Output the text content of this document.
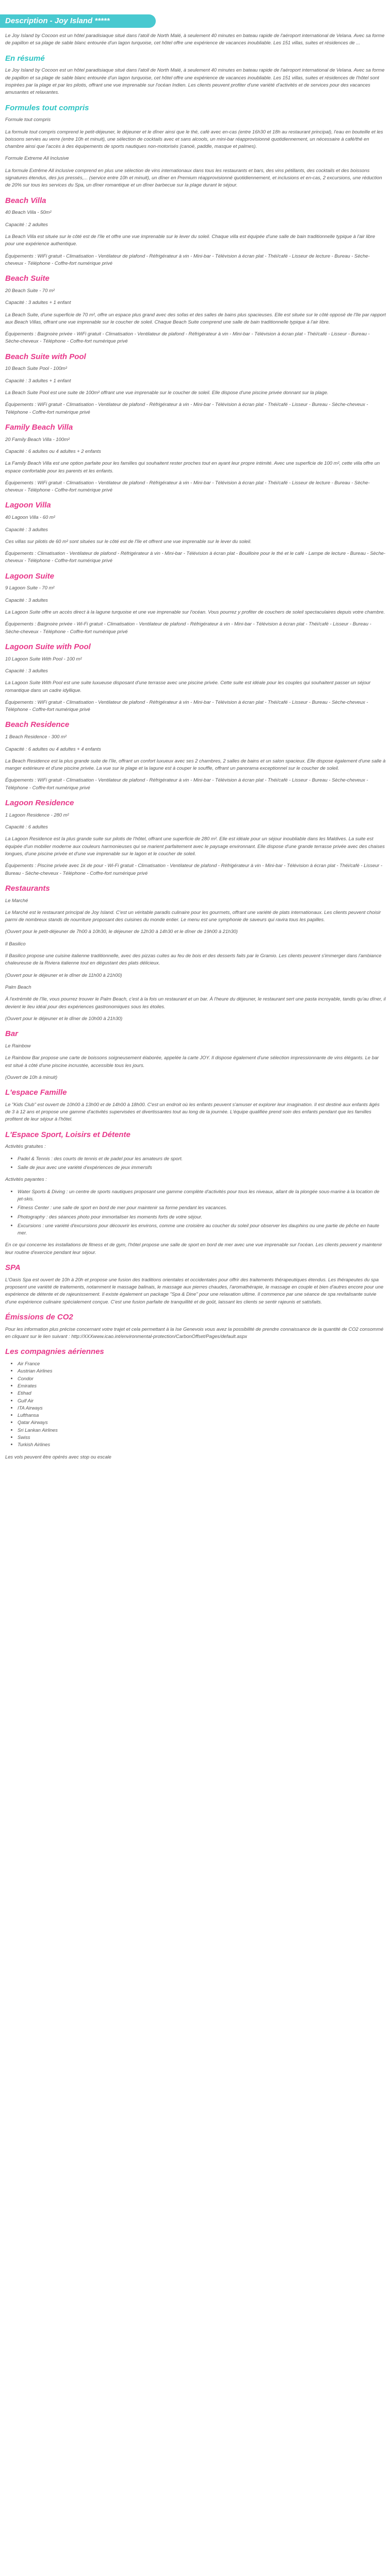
Description - Joy Island *****

Le Joy Island by Cocoon est un hôtel paradisiaque situé dans l'atoll de North Malé, à seulement 40 minutes en bateau rapide de l'aéroport international de Velana. Avec sa forme de papillon et sa plage de sable blanc entourée d'un lagon turquoise, cet hôtel offre une expérience de vacances inoubliable. Les 151 villas, suites et résidences de ...

En résumé

Le Joy Island by Cocoon est un hôtel paradisiaque situé dans l'atoll de North Malé, à seulement 40 minutes en bateau rapide de l'aéroport international de Velana. Avec sa forme de papillon et sa plage de sable blanc entourée d'un lagon turquoise, cet hôtel offre une expérience de vacances inoubliable. Les 151 villas, suites et résidences de l'hôtel sont inspirées par la plage et par les pilotis, offrant une vue imprenable sur l'océan Indien. Les clients peuvent profiter d'une variété d'activités et de services pour des vacances amusantes et relaxantes.

Formules tout compris

Formule tout compris

La formule tout compris comprend le petit-déjeuner, le déjeuner et le dîner ainsi que le thé, café avec en-cas (entre 16h30 et 18h au restaurant principal), l'eau en bouteille et les boissons servies au verre (entre 10h et minuit), une sélection de cocktails avec et sans alcools, un mini-bar réapprovisionné quotidiennement, un nécessaire à café/thé en chambre ainsi que l'accès à des équipements de sports nautiques non-motorisés (canoë, paddle, masque et palmes).

Formule Extreme All Inclusive

La formule Extrême All inclusive comprend en plus une sélection de vins internationaux dans tous les restaurants et bars, des vins pétillants, des cocktails et des boissons signatures étendus, des jus pressés,... (service entre 10h et minuit), un dîner en Premium réapprovisionné quotidiennement, et inclusions et en-cas, 2 excursions, une réduction de 20% sur tous les services du Spa, un dîner romantique et un dîner barbecue sur la plage durant le séjour.

Beach Villa

40 Beach Villa - 50m²

Capacité : 2 adultes

La Beach Villa est située sur le côté est de l'île et offre une vue imprenable sur le lever du soleil. Chaque villa est équipée d'une salle de bain traditionnelle typique à l'air libre pour une expérience authentique.

Équipements : WiFi gratuit - Climatisation - Ventilateur de plafond - Réfrigérateur à vin - Mini-bar - Télévision à écran plat - Théi/café - Lisseur de lecture - Bureau - Sèche-cheveux - Téléphone - Coffre-fort numérique privé

Beach Suite

20 Beach Suite - 70 m²

Capacité : 3 adultes + 1 enfant

La Beach Suite, d'une superficie de 70 m², offre un espace plus grand avec des sofas et des salles de bains plus spacieuses. Elle est située sur le côté opposé de l'île par rapport aux Beach Villas, offrant une vue imprenable sur le coucher de soleil. Chaque Beach Suite comprend une salle de bain traditionnelle typique à l'air libre.

Équipements : Baignoire privée - WiFi gratuit - Climatisation - Ventilateur de plafond - Réfrigérateur à vin - Mini-bar - Télévision à écran plat - Théi/café - Lisseur - Bureau - Sèche-cheveux - Téléphone - Coffre-fort numérique privé

Beach Suite with Pool

10 Beach Suite Pool - 100m²

Capacité : 3 adultes + 1 enfant

La Beach Suite Pool est une suite de 100m² offrant une vue imprenable sur le coucher de soleil. Elle dispose d'une piscine privée donnant sur la plage.

Équipements : WiFi gratuit - Climatisation - Ventilateur de plafond - Réfrigérateur à vin - Mini-bar - Télévision à écran plat - Théi/café - Lisseur - Bureau - Sèche-cheveux - Téléphone - Coffre-fort numérique privé

Family Beach Villa

20 Family Beach Villa - 100m²

Capacité : 6 adultes ou 4 adultes + 2 enfants

La Family Beach Villa est une option parfaite pour les familles qui souhaitent rester proches tout en ayant leur propre intimité. Avec une superficie de 100 m², cette villa offre un espace confortable pour les parents et les enfants.

Équipements : WiFi gratuit - Climatisation - Ventilateur de plafond - Réfrigérateur à vin - Mini-bar - Télévision à écran plat - Théi/café - Lisseur de lecture - Bureau - Sèche-cheveux - Téléphone - Coffre-fort numérique privé

Lagoon Villa

40 Lagoon Villa - 60 m²

Capacité : 3 adultes

Ces villas sur pilotis de 60 m² sont situées sur le côté est de l'île et offrent une vue imprenable sur le lever du soleil.

Équipements : Climatisation - Ventilateur de plafond - Réfrigérateur à vin - Mini-bar - Télévision à écran plat - Bouilloire pour le thé et le café - Lampe de lecture - Bureau - Sèche-cheveux - Téléphone - Coffre-fort numérique privé

Lagoon Suite

9 Lagoon Suite - 70 m²

Capacité : 3 adultes

La Lagoon Suite offre un accès direct à la lagune turquoise et une vue imprenable sur l'océan. Vous pourrez y profiter de couchers de soleil spectaculaires depuis votre chambre.

Équipements : Baignoire privée - Wi-Fi gratuit - Climatisation - Ventilateur de plafond - Réfrigérateur à vin - Mini-bar - Télévision à écran plat - Théi/café - Lisseur - Bureau - Sèche-cheveux - Téléphone - Coffre-fort numérique privé

Lagoon Suite with Pool

10 Lagoon Suite With Pool - 100 m²

Capacité : 3 adultes

La Lagoon Suite With Pool est une suite luxueuse disposant d'une terrasse avec une piscine privée. Cette suite est idéale pour les couples qui souhaitent passer un séjour romantique dans un cadre idyllique.

Équipements : WiFi gratuit - Climatisation - Ventilateur de plafond - Réfrigérateur à vin - Mini-bar - Télévision à écran plat - Théi/café - Lisseur - Bureau - Sèche-cheveux - Téléphone - Coffre-fort numérique privé

Beach Residence

1 Beach Residence - 300 m²

Capacité : 6 adultes ou 4 adultes + 4 enfants

La Beach Residence est la plus grande suite de l'île, offrant un confort luxueux avec ses 2 chambres, 2 salles de bains et un salon spacieux. Elle dispose également d'une salle à manger extérieure et d'une piscine privée. La vue sur le plage et la lagune est à couper le souffle, offrant un panorama exceptionnel sur le coucher de soleil.

Équipements : WiFi gratuit - Climatisation - Ventilateur de plafond - Réfrigérateur à vin - Mini-bar - Télévision à écran plat - Théi/café - Lisseur - Bureau - Sèche-cheveux - Téléphone - Coffre-fort numérique privé

Lagoon Residence

1 Lagoon Residence - 280 m²

Capacité : 6 adultes

La Lagoon Residence est la plus grande suite sur pilotis de l'hôtel, offrant une superficie de 280 m². Elle est idéale pour un séjour inoubliable dans les Maldives. La suite est équipée d'un mobilier moderne aux couleurs harmonieuses qui se marient parfaitement avec le paysage environnant. Elle dispose d'une grande terrasse privée avec des chaises longues, d'une piscine privée et d'une vue imprenable sur le lagon et le coucher de soleil.

Équipements : Piscine privée avec 1k de pour - Wi-Fi gratuit - Climatisation - Ventilateur de plafond - Réfrigérateur à vin - Mini-bar - Télévision à écran plat - Théi/café - Lisseur - Bureau - Sèche-cheveux - Téléphone - Coffre-fort numérique privé

Restaurants

Le Marché

Le Marché est le restaurant principal de Joy Island. C'est un véritable paradis culinaire pour les gourmets, offrant une variété de plats internationaux. Les clients peuvent choisir parmi de nombreux stands de nourriture proposant des cuisines du monde entier. Le menu est une symphonie de saveurs qui ravira tous les papilles.

(Ouvert pour le petit-déjeuner de 7h00 à 10h30, le déjeuner de 12h30 à 14h30 et le dîner de 19h00 à 21h30)

Il Basilico

Il Basilico propose une cuisine italienne traditionnelle, avec des pizzas cuites au feu de bois et des desserts faits par le Gramio. Les clients peuvent s'immerger dans l'ambiance chaleureuse de la Riviera italienne tout en dégustant des plats délicieux.

(Ouvert pour le déjeuner et le dîner de 11h00 à 21h00)

Palm Beach

À l'extrémité de l'île, vous pourrez trouver le Palm Beach, c'est à la fois un restaurant et un bar. À l'heure du déjeuner, le restaurant sert une pasta incroyable, tandis qu'au dîner, il devient le lieu idéal pour des expériences gastronomiques sous les étoiles.

(Ouvert pour le déjeuner et le dîner de 10h00 à 21h30)

Bar

Le Rainbow

Le Rainbow Bar propose une carte de boissons soigneusement élaborée, appelée la carte JOY. Il dispose également d'une sélection impressionnante de vins élégants. Le bar est situé à côté d'une piscine incrustée, accessible tous les jours.

(Ouvert de 10h à minuit)

L'espace Famille

Le "Kids Club" est ouvert de 10h00 à 13h00 et de 14h00 à 18h00. C'est un endroit où les enfants peuvent s'amuser et explorer leur imagination. Il est destiné aux enfants âgés de 3 à 12 ans et propose une gamme d'activités supervisées et divertissantes tout au long de la journée. L'équipe qualifiée prend soin des enfants pendant que les familles profitent de leur séjour à l'hôtel.

L'Espace Sport, Loisirs et Détente

Activités gratuites :

• Padel & Tennis : des courts de tennis et de padel pour les amateurs de sport.
• Salle de jeux avec une variété d'expériences de jeux immersifs

Activités payantes :

• Water Sports & Diving : un centre de sports nautiques proposant une gamme complète d'activités pour tous les niveaux, allant de la plongée sous-marine à la location de jet-skis.
• Fitness Center : une salle de sport en bord de mer pour maintenir sa forme pendant les vacances.
• Photography : des séances photo pour immortaliser les moments forts de votre séjour.
• Excursions : une variété d'excursions pour découvrir les environs, comme une croisière au coucher du soleil pour observer les dauphins ou une partie de pêche en haute mer.

En ce qui concerne les installations de fitness et de gym, l'hôtel propose une salle de sport en bord de mer avec une vue imprenable sur l'océan. Les clients peuvent y maintenir leur routine d'exercice pendant leur séjour.

SPA

L'Oasis Spa est ouvert de 10h à 20h et propose une fusion des traditions orientales et occidentales pour offrir des traitements thérapeutiques étendus. Les thérapeutes du spa proposent une variété de traitements, notamment le massage balinais, le massage aux pierres chaudes, l'aromathérapie, le massage en couple et bien d'autres encore pour une expérience de détente et de rajeunissement. Il existe également un package "Spa & Dine" pour une relaxation ultime. Il commence par une séance de spa revitalisante suivie d'une expérience culinaire spécialement conçue. C'est une fusion parfaite de tranquillité et de goût, laissant les clients se sentir rajeunis et satisfaits.

Émissions de CO2

Pour les information plus précise concernant votre trajet et cela permettant à la Ise Genevois vous avez la possibilité de prendre connaissance de la quantité de CO2 consommé en cliquant sur le lien suivant : http://XXXwww.icao.int/environmental-protection/CarbonOffset/Pages/default.aspx

Les compagnies aériennes
• Air France
• Austrian Airlines
• Condor
• Emirates
• Etihad
• Gulf Air
• ITA Airways
• Lufthansa
• Qatar Airways
• Sri Lankan Airlines
• Swiss
• Turkish Airlines

Les vols peuvent être opérés avec stop ou escale
